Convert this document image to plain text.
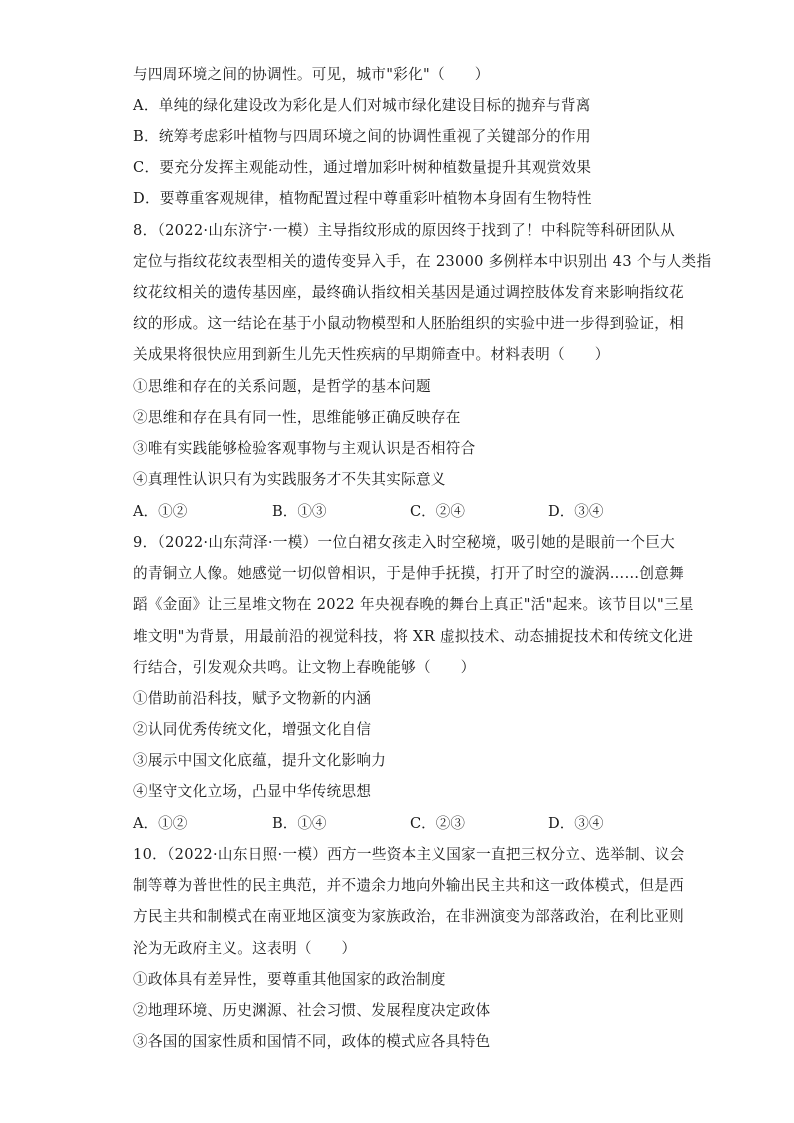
与四周环境之间的协调性。可见，城市"彩化"（　　）
A．单纯的绿化建设改为彩化是人们对城市绿化建设目标的抛弃与背离
B．统筹考虑彩叶植物与四周环境之间的协调性重视了关键部分的作用
C．要充分发挥主观能动性，通过增加彩叶树种植数量提升其观赏效果
D．要尊重客观规律，植物配置过程中尊重彩叶植物本身固有生物特性
8．（2022·山东济宁·一模）主导指纹形成的原因终于找到了！中科院等科研团队从
定位与指纹花纹表型相关的遗传变异入手，在 23000 多例样本中识别出 43 个与人类指
纹花纹相关的遗传基因座，最终确认指纹相关基因是通过调控肢体发育来影响指纹花
纹的形成。这一结论在基于小鼠动物模型和人胚胎组织的实验中进一步得到验证，相
关成果将很快应用到新生儿先天性疾病的早期筛查中。材料表明（　　）
①思维和存在的关系问题，是哲学的基本问题
②思维和存在具有同一性，思维能够正确反映存在
③唯有实践能够检验客观事物与主观认识是否相符合
④真理性认识只有为实践服务才不失其实际意义
A．①②	B．①③	C．②④	D．③④
9．（2022·山东菏泽·一模）一位白裙女孩走入时空秘境，吸引她的是眼前一个巨大
的青铜立人像。她感觉一切似曾相识，于是伸手抚摸，打开了时空的漩涡……创意舞
蹈《金面》让三星堆文物在 2022 年央视春晚的舞台上真正"活"起来。该节目以"三星
堆文明"为背景，用最前沿的视觉科技，将 XR 虚拟技术、动态捕捉技术和传统文化进
行结合，引发观众共鸣。让文物上春晚能够（　　）
①借助前沿科技，赋予文物新的内涵
②认同优秀传统文化，增强文化自信
③展示中国文化底蕴，提升文化影响力
④坚守文化立场，凸显中华传统思想
A．①②	B．①④	C．②③	D．③④
10．（2022·山东日照·一模）西方一些资本主义国家一直把三权分立、选举制、议会
制等尊为普世性的民主典范，并不遗余力地向外输出民主共和这一政体模式，但是西
方民主共和制模式在南亚地区演变为家族政治，在非洲演变为部落政治，在利比亚则
沦为无政府主义。这表明（　　）
①政体具有差异性，要尊重其他国家的政治制度
②地理环境、历史渊源、社会习惯、发展程度决定政体
③各国的国家性质和国情不同，政体的模式应各具特色
